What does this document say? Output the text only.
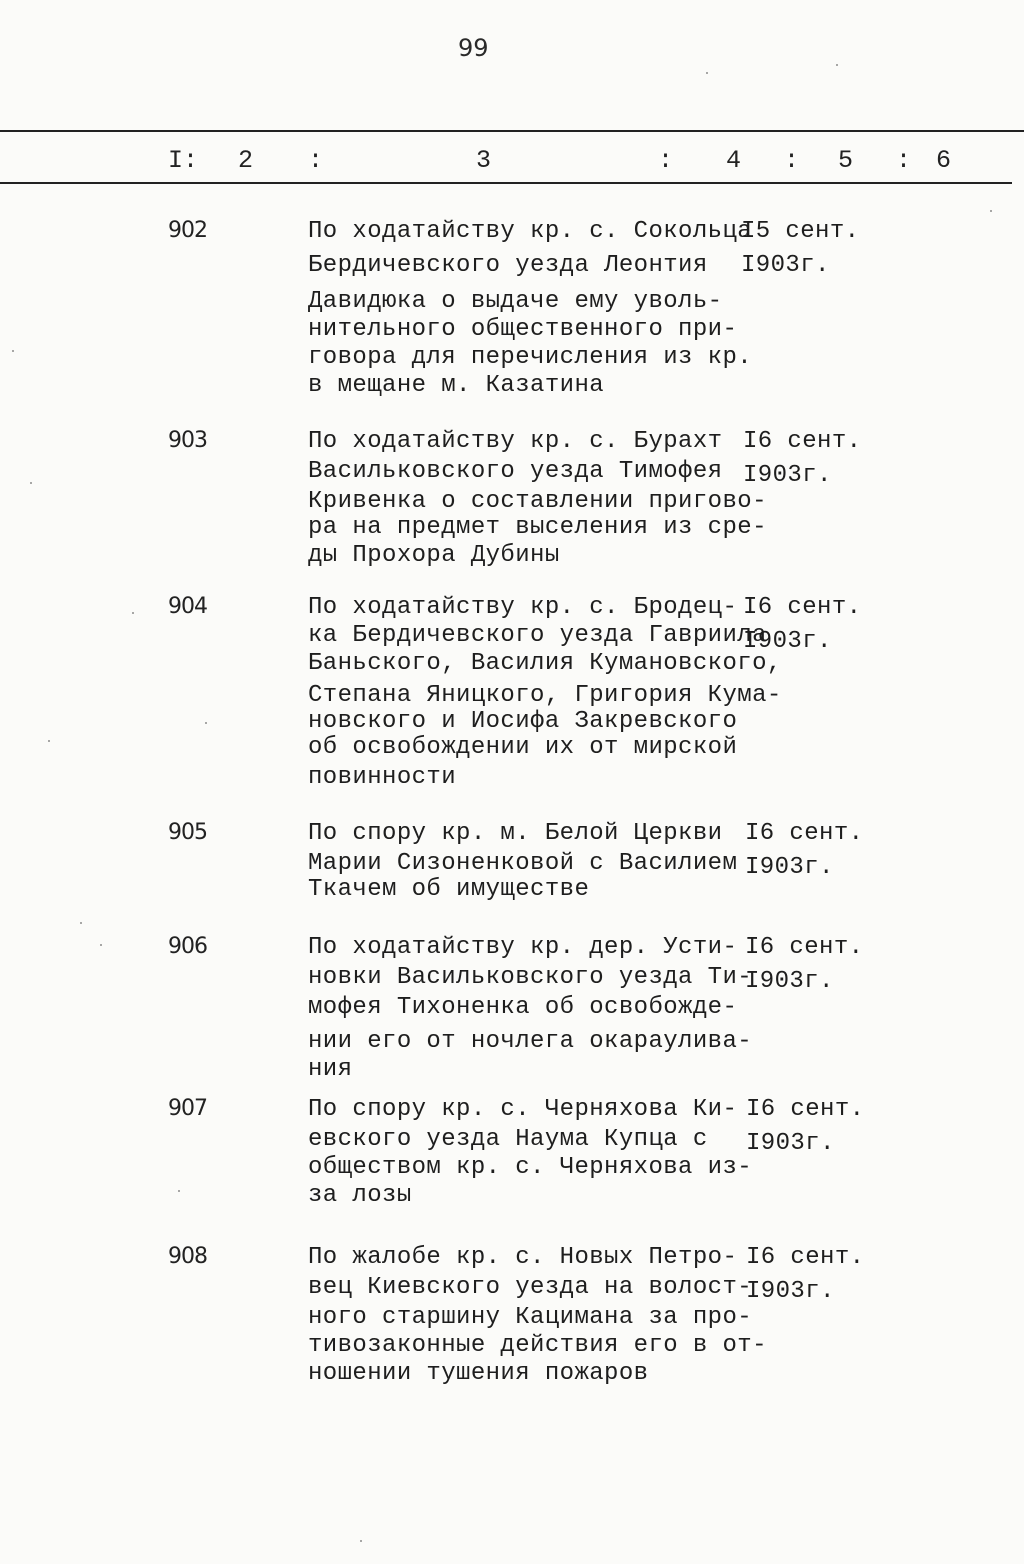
99
I: 2 :	3	: 4 : 5 : 6
902	По ходатайству кр. с. Сокольца
Бердичевского уезда Леонтия
Давидюка о выдаче ему уволь-
нительного общественного при-
говора для перечисления из кр.
в мещане м. Казатина
I5 сент.
I903г.
903	По ходатайству кр. с. Бурахт
Васильковского уезда Тимофея
Кривенка о составлении пригово-
ра на предмет выселения из сре-
ды Прохора Дубины
I6 сент.
I903г.
904	По ходатайству кр. с. Бродец-
ка Бердичевского уезда Гавриила
Баньского, Василия Кумановского,
Степана Яницкого, Григория Кума-
новского и Иосифа Закревского
об освобождении их от мирской
повинности
I6 сент.
I903г.
905	По спору кр. м. Белой Церкви
Марии Сизоненковой с Василием
Ткачем об имуществе
I6 сент.
I903г.
906	По ходатайству кр. дер. Усти-
новки Васильковского уезда Ти-
мофея Тихоненка об освобожде-
нии его от ночлега окараулива-
ния
I6 сент.
I903г.
907	По спору кр. с. Черняхова Ки-
евского уезда Наума Купца с
обществом кр. с. Черняхова из-
за лозы
I6 сент.
I903г.
908	По жалобе кр. с. Новых Петро-
вец Киевского уезда на волост-
ного старшину Кацимана за про-
тивозаконные действия его в от-
ношении тушения пожаров
I6 сент.
I903г.
